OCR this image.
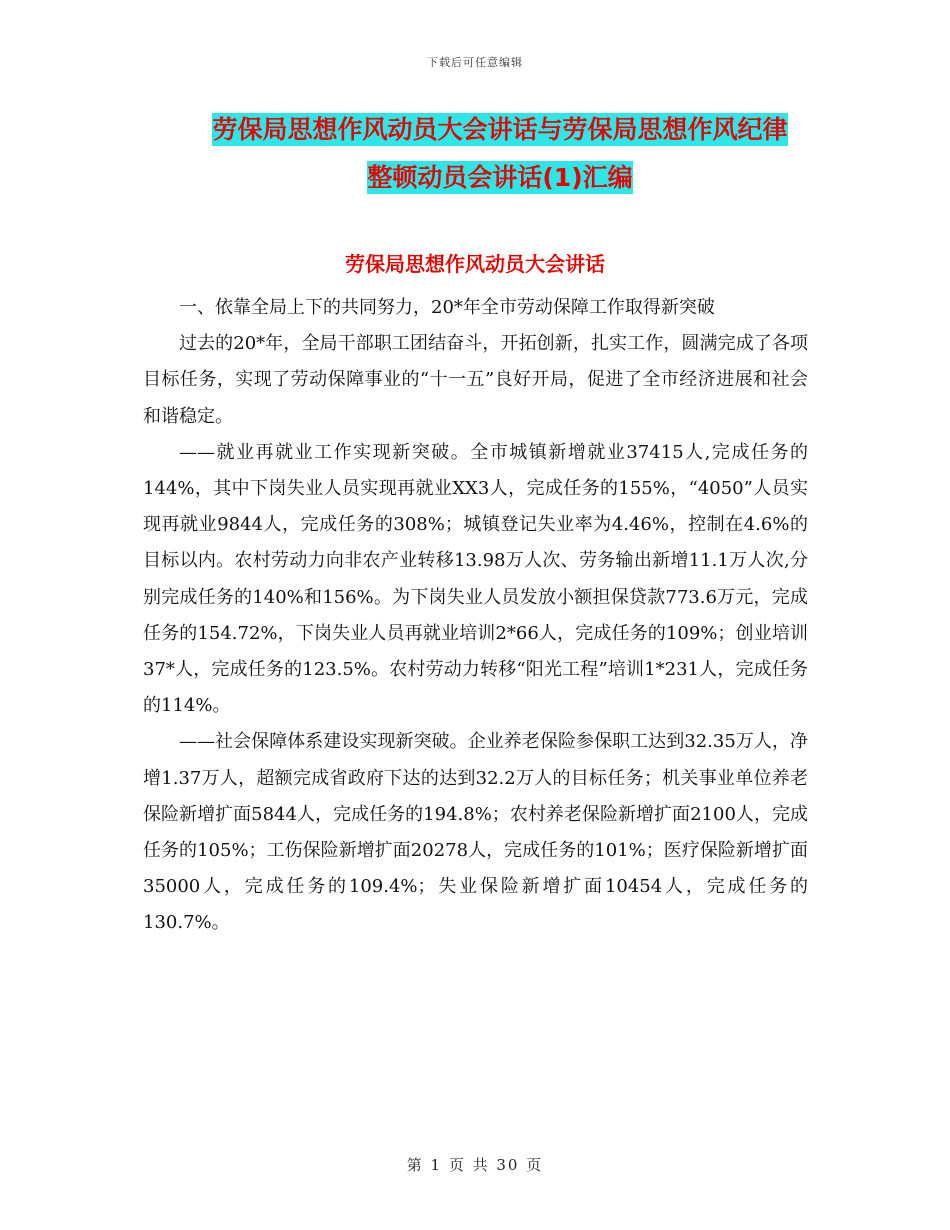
下载后可任意编辑
劳保局思想作风动员大会讲话与劳保局思想作风纪律
整顿动员会讲话(1)汇编
劳保局思想作风动员大会讲话

一、依靠全局上下的共同努力，20*年全市劳动保障工作取得新突破

过去的20*年，全局干部职工团结奋斗，开拓创新，扎实工作，圆满完成了各项目标任务，实现了劳动保障事业的“十一五”良好开局，促进了全市经济进展和社会和谐稳定。

——就业再就业工作实现新突破。全市城镇新增就业37415人,完成任务的144%，其中下岗失业人员实现再就业XX3人，完成任务的155%，“4050”人员实现再就业9844人，完成任务的308%；城镇登记失业率为4.46%，控制在4.6%的目标以内。农村劳动力向非农产业转移13.98万人次、劳务输出新增11.1万人次,分别完成任务的140%和156%。为下岗失业人员发放小额担保贷款773.6万元，完成任务的154.72%，下岗失业人员再就业培训2*66人，完成任务的109%；创业培训37*人，完成任务的123.5%。农村劳动力转移“阳光工程”培训1*231人，完成任务的114%。

——社会保障体系建设实现新突破。企业养老保险参保职工达到32.35万人，净增1.37万人，超额完成省政府下达的达到32.2万人的目标任务；机关事业单位养老保险新增扩面5844人，完成任务的194.8%；农村养老保险新增扩面2100人，完成任务的105%；工伤保险新增扩面20278人，完成任务的101%；医疗保险新增扩面35000人，完成任务的109.4%；失业保险新增扩面10454人，完成任务的130.7%。

第 1 页 共 30 页
